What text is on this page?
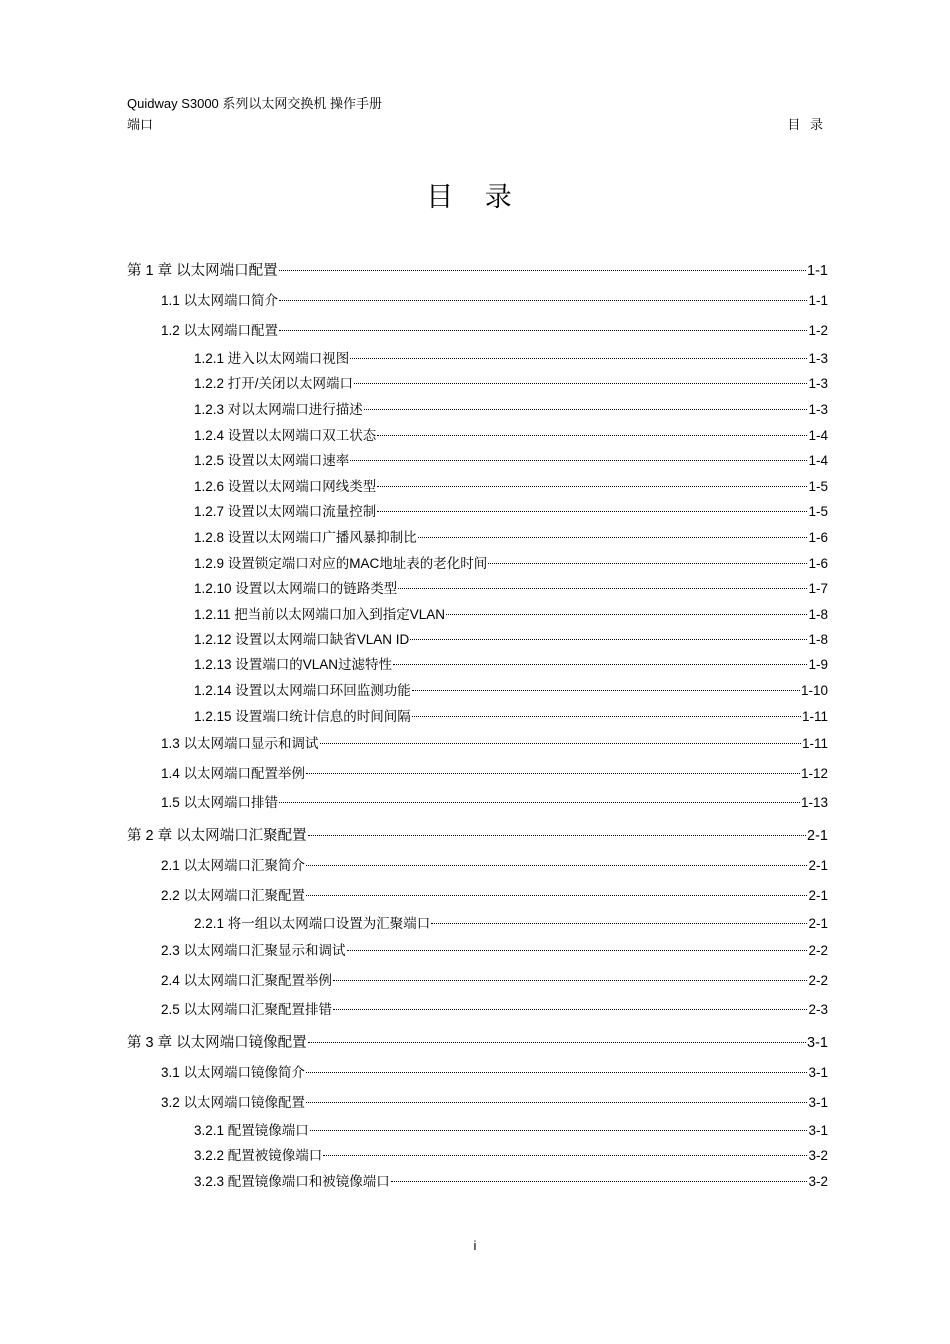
Quidway S3000 系列以太网交换机 操作手册
端口	目 录
目 录
第 1 章 以太网端口配置	1-1
1.1 以太网端口简介	1-1
1.2 以太网端口配置	1-2
1.2.1 进入以太网端口视图	1-3
1.2.2 打开/关闭以太网端口	1-3
1.2.3 对以太网端口进行描述	1-3
1.2.4 设置以太网端口双工状态	1-4
1.2.5 设置以太网端口速率	1-4
1.2.6 设置以太网端口网线类型	1-5
1.2.7 设置以太网端口流量控制	1-5
1.2.8 设置以太网端口广播风暴抑制比	1-6
1.2.9 设置锁定端口对应的MAC地址表的老化时间	1-6
1.2.10 设置以太网端口的链路类型	1-7
1.2.11 把当前以太网端口加入到指定VLAN	1-8
1.2.12 设置以太网端口缺省VLAN ID	1-8
1.2.13 设置端口的VLAN过滤特性	1-9
1.2.14 设置以太网端口环回监测功能	1-10
1.2.15 设置端口统计信息的时间间隔	1-11
1.3 以太网端口显示和调试	1-11
1.4 以太网端口配置举例	1-12
1.5 以太网端口排错	1-13
第 2 章 以太网端口汇聚配置	2-1
2.1 以太网端口汇聚简介	2-1
2.2 以太网端口汇聚配置	2-1
2.2.1 将一组以太网端口设置为汇聚端口	2-1
2.3 以太网端口汇聚显示和调试	2-2
2.4 以太网端口汇聚配置举例	2-2
2.5 以太网端口汇聚配置排错	2-3
第 3 章 以太网端口镜像配置	3-1
3.1 以太网端口镜像简介	3-1
3.2 以太网端口镜像配置	3-1
3.2.1 配置镜像端口	3-1
3.2.2 配置被镜像端口	3-2
3.2.3 配置镜像端口和被镜像端口	3-2
i
